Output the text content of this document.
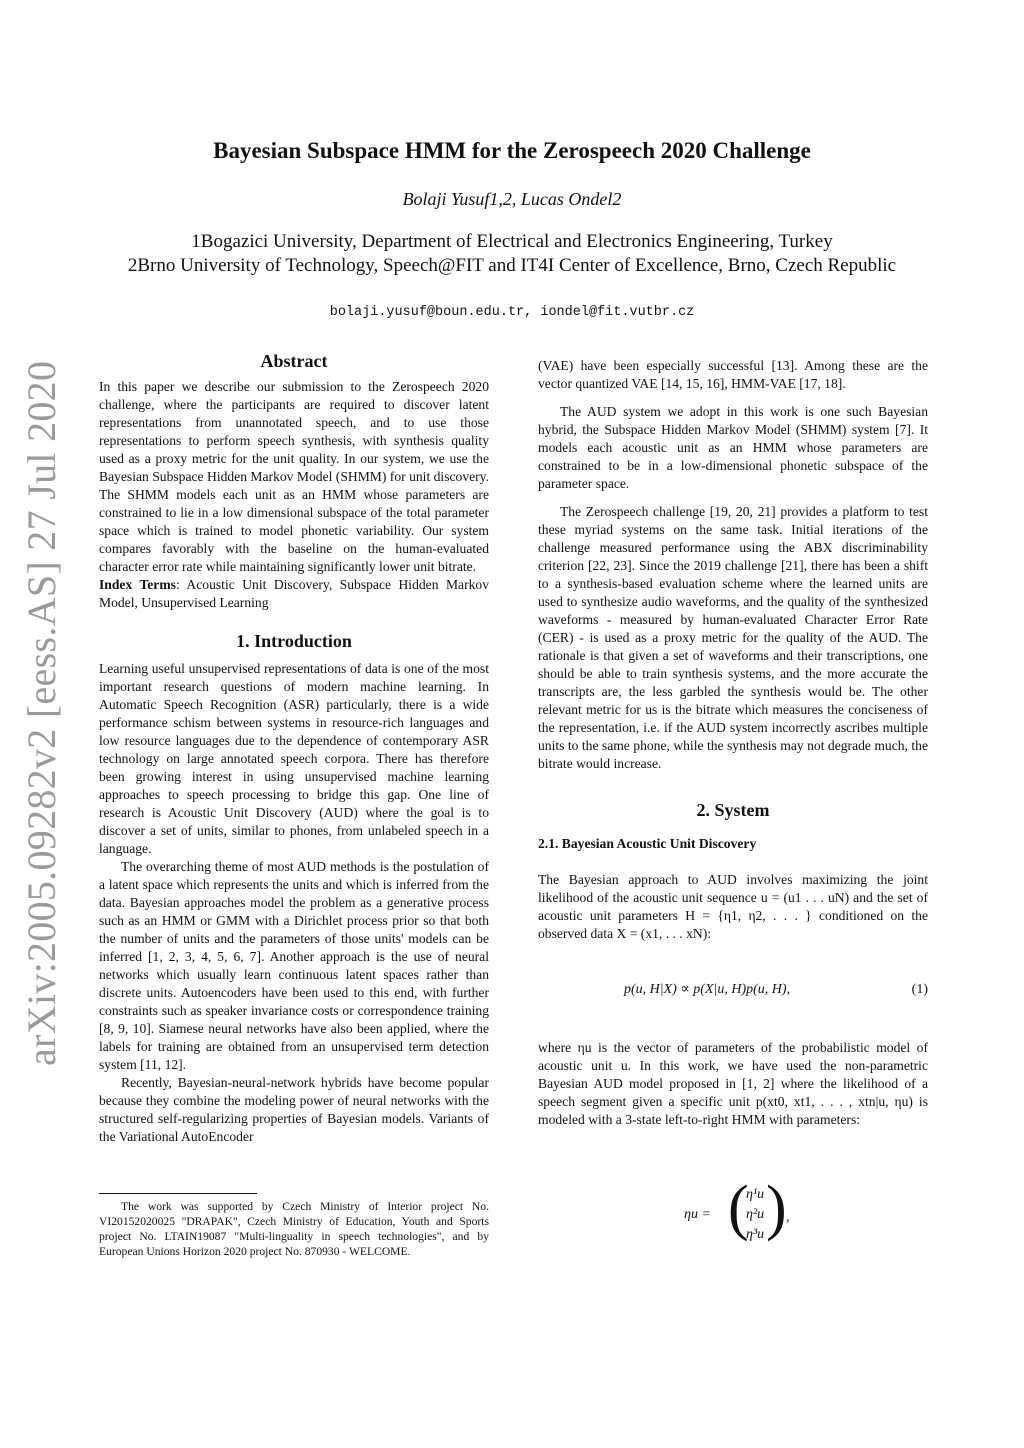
arXiv:2005.09282v2 [eess.AS] 27 Jul 2020
Bayesian Subspace HMM for the Zerospeech 2020 Challenge
Bolaji Yusuf1,2, Lucas Ondel2
1Bogazici University, Department of Electrical and Electronics Engineering, Turkey
2Brno University of Technology, Speech@FIT and IT4I Center of Excellence, Brno, Czech Republic
bolaji.yusuf@boun.edu.tr, iondel@fit.vutbr.cz
Abstract

In this paper we describe our submission to the Zerospeech 2020 challenge, where the participants are required to discover latent representations from unannotated speech, and to use those representations to perform speech synthesis, with synthesis quality used as a proxy metric for the unit quality. In our system, we use the Bayesian Subspace Hidden Markov Model (SHMM) for unit discovery. The SHMM models each unit as an HMM whose parameters are constrained to lie in a low dimensional subspace of the total parameter space which is trained to model phonetic variability. Our system compares favorably with the baseline on the human-evaluated character error rate while maintaining significantly lower unit bitrate.

Index Terms: Acoustic Unit Discovery, Subspace Hidden Markov Model, Unsupervised Learning

1. Introduction

Learning useful unsupervised representations of data is one of the most important research questions of modern machine learning. In Automatic Speech Recognition (ASR) particularly, there is a wide performance schism between systems in resource-rich languages and low resource languages due to the dependence of contemporary ASR technology on large annotated speech corpora. There has therefore been growing interest in using unsupervised machine learning approaches to speech processing to bridge this gap. One line of research is Acoustic Unit Discovery (AUD) where the goal is to discover a set of units, similar to phones, from unlabeled speech in a language.

The overarching theme of most AUD methods is the postulation of a latent space which represents the units and which is inferred from the data. Bayesian approaches model the problem as a generative process such as an HMM or GMM with a Dirichlet process prior so that both the number of units and the parameters of those units' models can be inferred [1, 2, 3, 4, 5, 6, 7]. Another approach is the use of neural networks which usually learn continuous latent spaces rather than discrete units. Autoencoders have been used to this end, with further constraints such as speaker invariance costs or correspondence training [8, 9, 10]. Siamese neural networks have also been applied, where the labels for training are obtained from an unsupervised term detection system [11, 12].

Recently, Bayesian-neural-network hybrids have become popular because they combine the modeling power of neural networks with the structured self-regularizing properties of Bayesian models. Variants of the Variational AutoEncoder

The work was supported by Czech Ministry of Interior project No. VI20152020025 "DRAPAK", Czech Ministry of Education, Youth and Sports project No. LTAIN19087 "Multi-linguality in speech technologies", and by European Unions Horizon 2020 project No. 870930 - WELCOME.

(VAE) have been especially successful [13]. Among these are the vector quantized VAE [14, 15, 16], HMM-VAE [17, 18].

The AUD system we adopt in this work is one such Bayesian hybrid, the Subspace Hidden Markov Model (SHMM) system [7]. It models each acoustic unit as an HMM whose parameters are constrained to be in a low-dimensional phonetic subspace of the parameter space.

The Zerospeech challenge [19, 20, 21] provides a platform to test these myriad systems on the same task. Initial iterations of the challenge measured performance using the ABX discriminability criterion [22, 23]. Since the 2019 challenge [21], there has been a shift to a synthesis-based evaluation scheme where the learned units are used to synthesize audio waveforms, and the quality of the synthesized waveforms - measured by human-evaluated Character Error Rate (CER) - is used as a proxy metric for the quality of the AUD. The rationale is that given a set of waveforms and their transcriptions, one should be able to train synthesis systems, and the more accurate the transcripts are, the less garbled the synthesis would be. The other relevant metric for us is the bitrate which measures the conciseness of the representation, i.e. if the AUD system incorrectly ascribes multiple units to the same phone, while the synthesis may not degrade much, the bitrate would increase.

2. System
2.1. Bayesian Acoustic Unit Discovery

The Bayesian approach to AUD involves maximizing the joint likelihood of the acoustic unit sequence u = (u1 . . . uN) and the set of acoustic unit parameters H = {η1, η2, . . . } conditioned on the observed data X = (x1, . . . xN):

p(u, H|X) ∝ p(X|u, H)p(u, H),	(1)

where ηu is the vector of parameters of the probabilistic model of acoustic unit u. In this work, we have used the non-parametric Bayesian AUD model proposed in [1, 2] where the likelihood of a speech segment given a specific unit p(xt0, xt1, . . . , xtn|u, ηu) is modeled with a 3-state left-to-right HMM with parameters:

ηu = (
η¹u
η²u
η³u ) ,
